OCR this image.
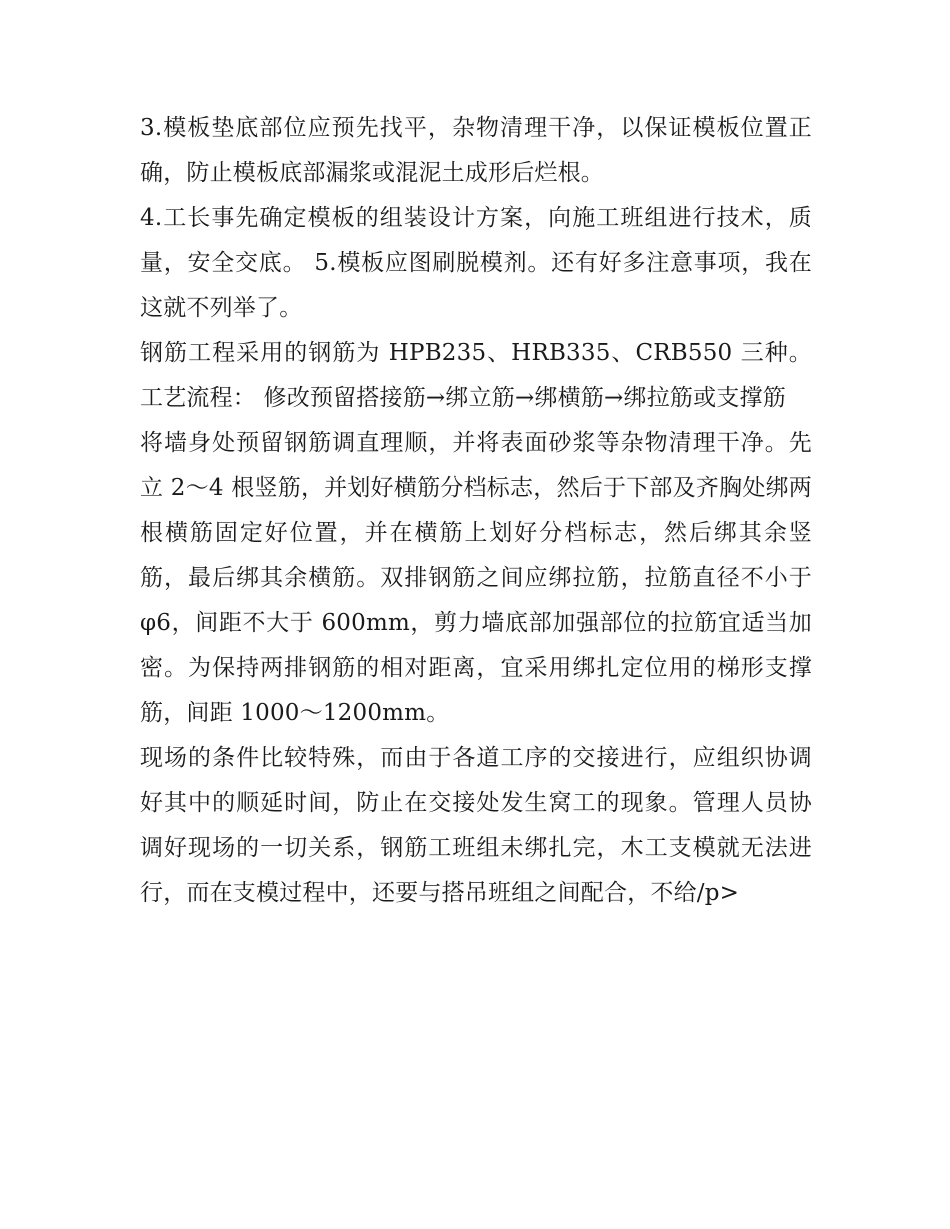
3.模板垫底部位应预先找平，杂物清理干净，以保证模板位置正确，防止模板底部漏浆或混泥土成形后烂根。

4.工长事先确定模板的组装设计方案，向施工班组进行技术，质量，安全交底。 5.模板应图刷脱模剂。还有好多注意事项，我在这就不列举了。

钢筋工程采用的钢筋为 HPB235、HRB335、CRB550 三种。 工艺流程： 修改预留搭接筋→绑立筋→绑横筋→绑拉筋或支撑筋

将墙身处预留钢筋调直理顺，并将表面砂浆等杂物清理干净。先立 2～4 根竖筋，并划好横筋分档标志，然后于下部及齐胸处绑两根横筋固定好位置，并在横筋上划好分档标志，然后绑其余竖筋，最后绑其余横筋。双排钢筋之间应绑拉筋，拉筋直径不小于 φ6，间距不大于 600mm，剪力墙底部加强部位的拉筋宜适当加密。为保持两排钢筋的相对距离，宜采用绑扎定位用的梯形支撑筋，间距 1000～1200mm。

现场的条件比较特殊，而由于各道工序的交接进行，应组织协调好其中的顺延时间，防止在交接处发生窝工的现象。管理人员协调好现场的一切关系，钢筋工班组未绑扎完，木工支模就无法进行，而在支模过程中，还要与搭吊班组之间配合，不给/p>
